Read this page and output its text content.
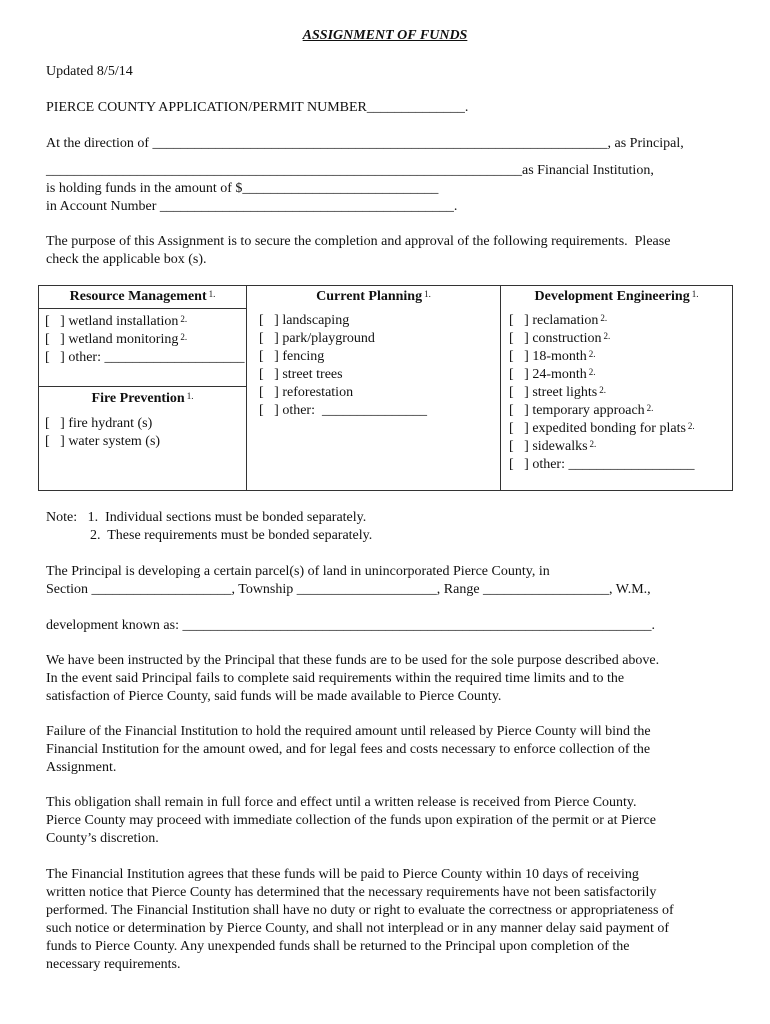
ASSIGNMENT OF FUNDS
Updated 8/5/14
PIERCE COUNTY APPLICATION/PERMIT NUMBER______________.
At the direction of _________________________________________________________________, as Principal,
____________________________________________________________________as Financial Institution,
is holding funds in the amount of $____________________________
in Account Number __________________________________________.
The purpose of this Assignment is to secure the completion and approval of the following requirements.  Please
check the applicable box (s).
Resource Management $^{1.}$
[   ] wetland installation $^{2.}$
[   ] wetland monitoring $^{2.}$
[   ] other: ____________________
Fire Prevention $^{1.}$
[   ] fire hydrant (s)
[   ] water system (s)

Current Planning $^{1.}$
[   ] landscaping
[   ] park/playground
[   ] fencing
[   ] street trees
[   ] reforestation
[   ] other:  _______________

Development Engineering $^{1.}$
[   ] reclamation $^{2.}$
[   ] construction $^{2.}$
[   ] 18-month $^{2.}$
[   ] 24-month $^{2.}$
[   ] street lights $^{2.}$
[   ] temporary approach $^{2.}$
[   ] expedited bonding for plats $^{2.}$
[   ] sidewalks $^{2.}$
[   ] other: __________________
Note:   1.  Individual sections must be bonded separately.
2.  These requirements must be bonded separately.
The Principal is developing a certain parcel(s) of land in unincorporated Pierce County, in
Section ____________________, Township ____________________, Range __________________, W.M.,
development known as: ___________________________________________________________________.
We have been instructed by the Principal that these funds are to be used for the sole purpose described above.
In the event said Principal fails to complete said requirements within the required time limits and to the
satisfaction of Pierce County, said funds will be made available to Pierce County.
Failure of the Financial Institution to hold the required amount until released by Pierce County will bind the
Financial Institution for the amount owed, and for legal fees and costs necessary to enforce collection of the
Assignment.
This obligation shall remain in full force and effect until a written release is received from Pierce County.
Pierce County may proceed with immediate collection of the funds upon expiration of the permit or at Pierce
County’s discretion.
The Financial Institution agrees that these funds will be paid to Pierce County within 10 days of receiving
written notice that Pierce County has determined that the necessary requirements have not been satisfactorily
performed. The Financial Institution shall have no duty or right to evaluate the correctness or appropriateness of
such notice or determination by Pierce County, and shall not interplead or in any manner delay said payment of
funds to Pierce County. Any unexpended funds shall be returned to the Principal upon completion of the
necessary requirements.
